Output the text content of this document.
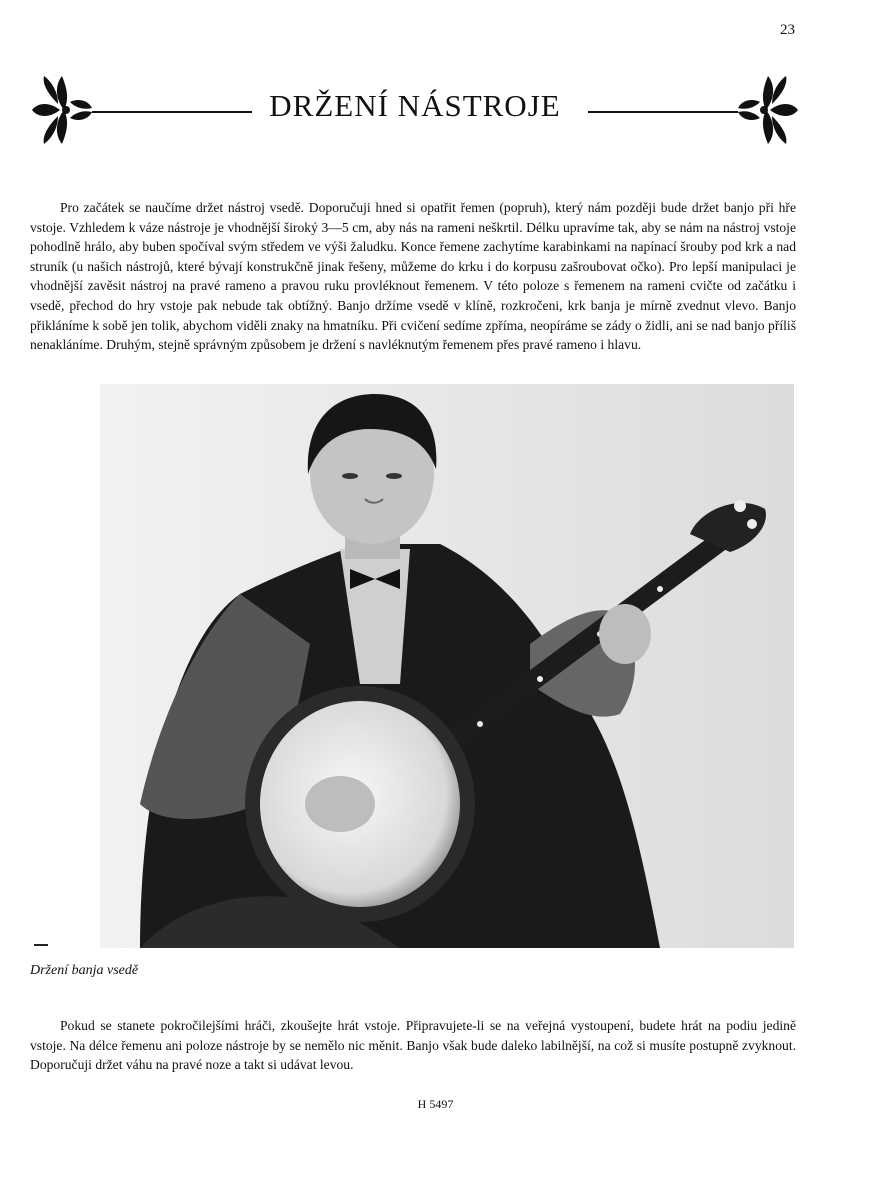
23
DRŽENÍ NÁSTROJE

Pro začátek se naučíme držet nástroj vsedě. Doporučuji hned si opatřit řemen (popruh), který nám později bude držet banjo při hře vstoje. Vzhledem k váze nástroje je vhodnější široký 3—5 cm, aby nás na rameni neškrtil. Délku upravíme tak, aby se nám na nástroj vstoje pohodlně hrálo, aby buben spočíval svým středem ve výši žaludku. Konce řemene zachytíme karabinkami na napínací šrouby pod krk a nad struník (u našich nástrojů, které bývají konstrukčně jinak řešeny, můžeme do krku i do korpusu zašroubovat očko). Pro lepší manipulaci je vhodnější zavěsit nástroj na pravé rameno a pravou ruku provléknout řemenem. V této poloze s řemenem na rameni cvičte od začátku i vsedě, přechod do hry vstoje pak nebude tak obtížný. Banjo držíme vsedě v klíně, rozkročeni, krk banja je mírně zvednut vlevo. Banjo přikláníme k sobě jen tolik, abychom viděli znaky na hmatníku. Při cvičení sedíme zpříma, neopíráme se zády o židli, ani se nad banjo příliš nenakláníme. Druhým, stejně správným způsobem je držení s navléknutým řemenem přes pravé rameno i hlavu.

Držení banja vsedě

Pokud se stanete pokročilejšími hráči, zkoušejte hrát vstoje. Připravujete-li se na veřejná vystoupení, budete hrát na podiu jedině vstoje. Na délce řemenu ani poloze nástroje by se nemělo nic měnit. Banjo však bude daleko labilnější, na což si musíte postupně zvyknout. Doporučuji držet váhu na pravé noze a takt si udávat levou.

H 5497
